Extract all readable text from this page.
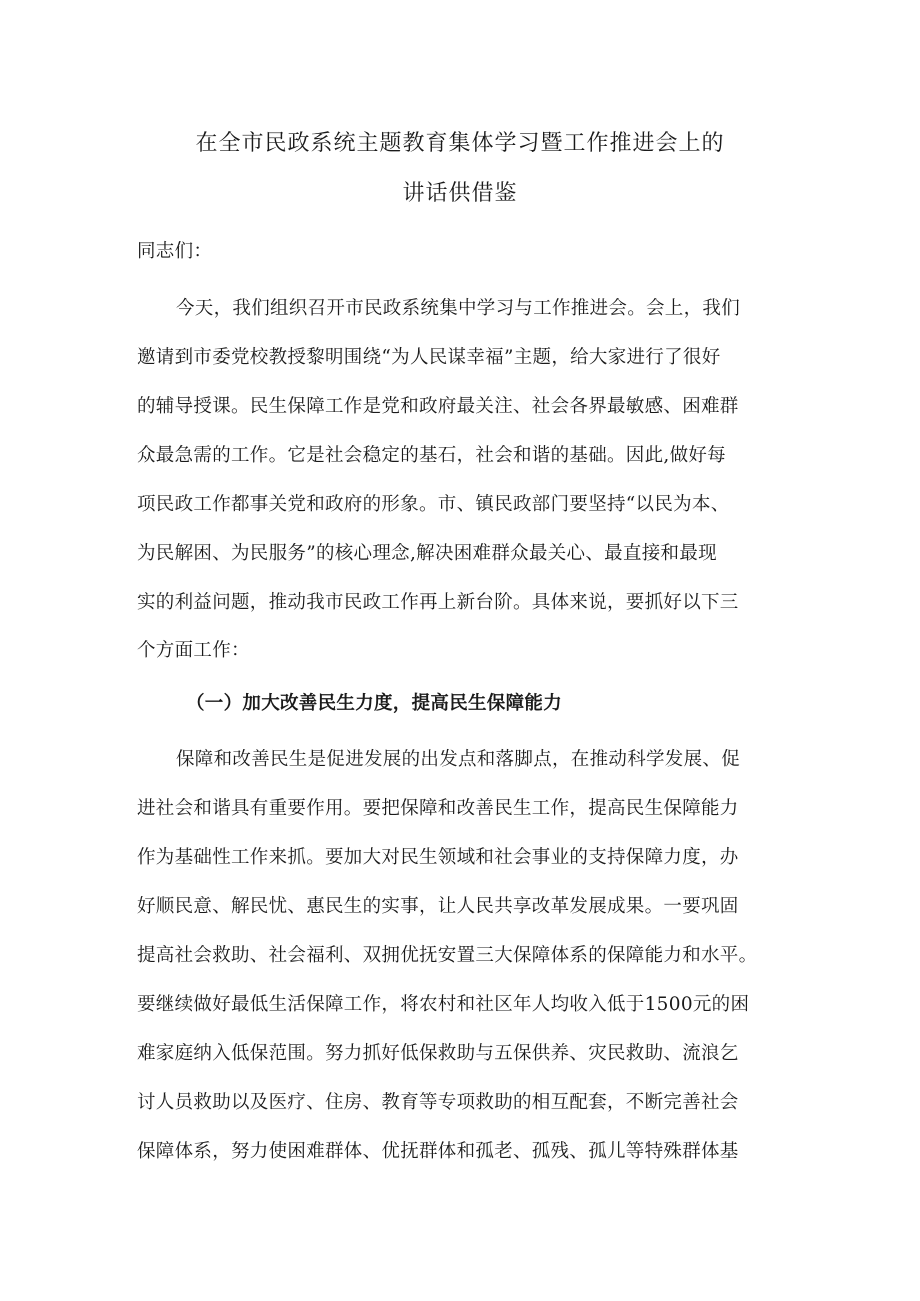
在全市民政系统主题教育集体学习暨工作推进会上的
讲话供借鉴
同志们：
今天，我们组织召开市民政系统集中学习与工作推进会。会上，我们
邀请到市委党校教授黎明围绕“为人民谋幸福”主题，给大家进行了很好
的辅导授课。民生保障工作是党和政府最关注、社会各界最敏感、困难群
众最急需的工作。它是社会稳定的基石，社会和谐的基础。因此,做好每
项民政工作都事关党和政府的形象。市、镇民政部门要坚持“以民为本、
为民解困、为民服务”的核心理念,解决困难群众最关心、最直接和最现
实的利益问题，推动我市民政工作再上新台阶。具体来说，要抓好以下三
个方面工作：
（一）加大改善民生力度，提高民生保障能力
保障和改善民生是促进发展的出发点和落脚点，在推动科学发展、促
进社会和谐具有重要作用。要把保障和改善民生工作，提高民生保障能力
作为基础性工作来抓。要加大对民生领域和社会事业的支持保障力度，办
好顺民意、解民忧、惠民生的实事，让人民共享改革发展成果。一要巩固
提高社会救助、社会福利、双拥优抚安置三大保障体系的保障能力和水平。
要继续做好最低生活保障工作，将农村和社区年人均收入低于1500元的困
难家庭纳入低保范围。努力抓好低保救助与五保供养、灾民救助、流浪乞
讨人员救助以及医疗、住房、教育等专项救助的相互配套，不断完善社会
保障体系，努力使困难群体、优抚群体和孤老、孤残、孤儿等特殊群体基
